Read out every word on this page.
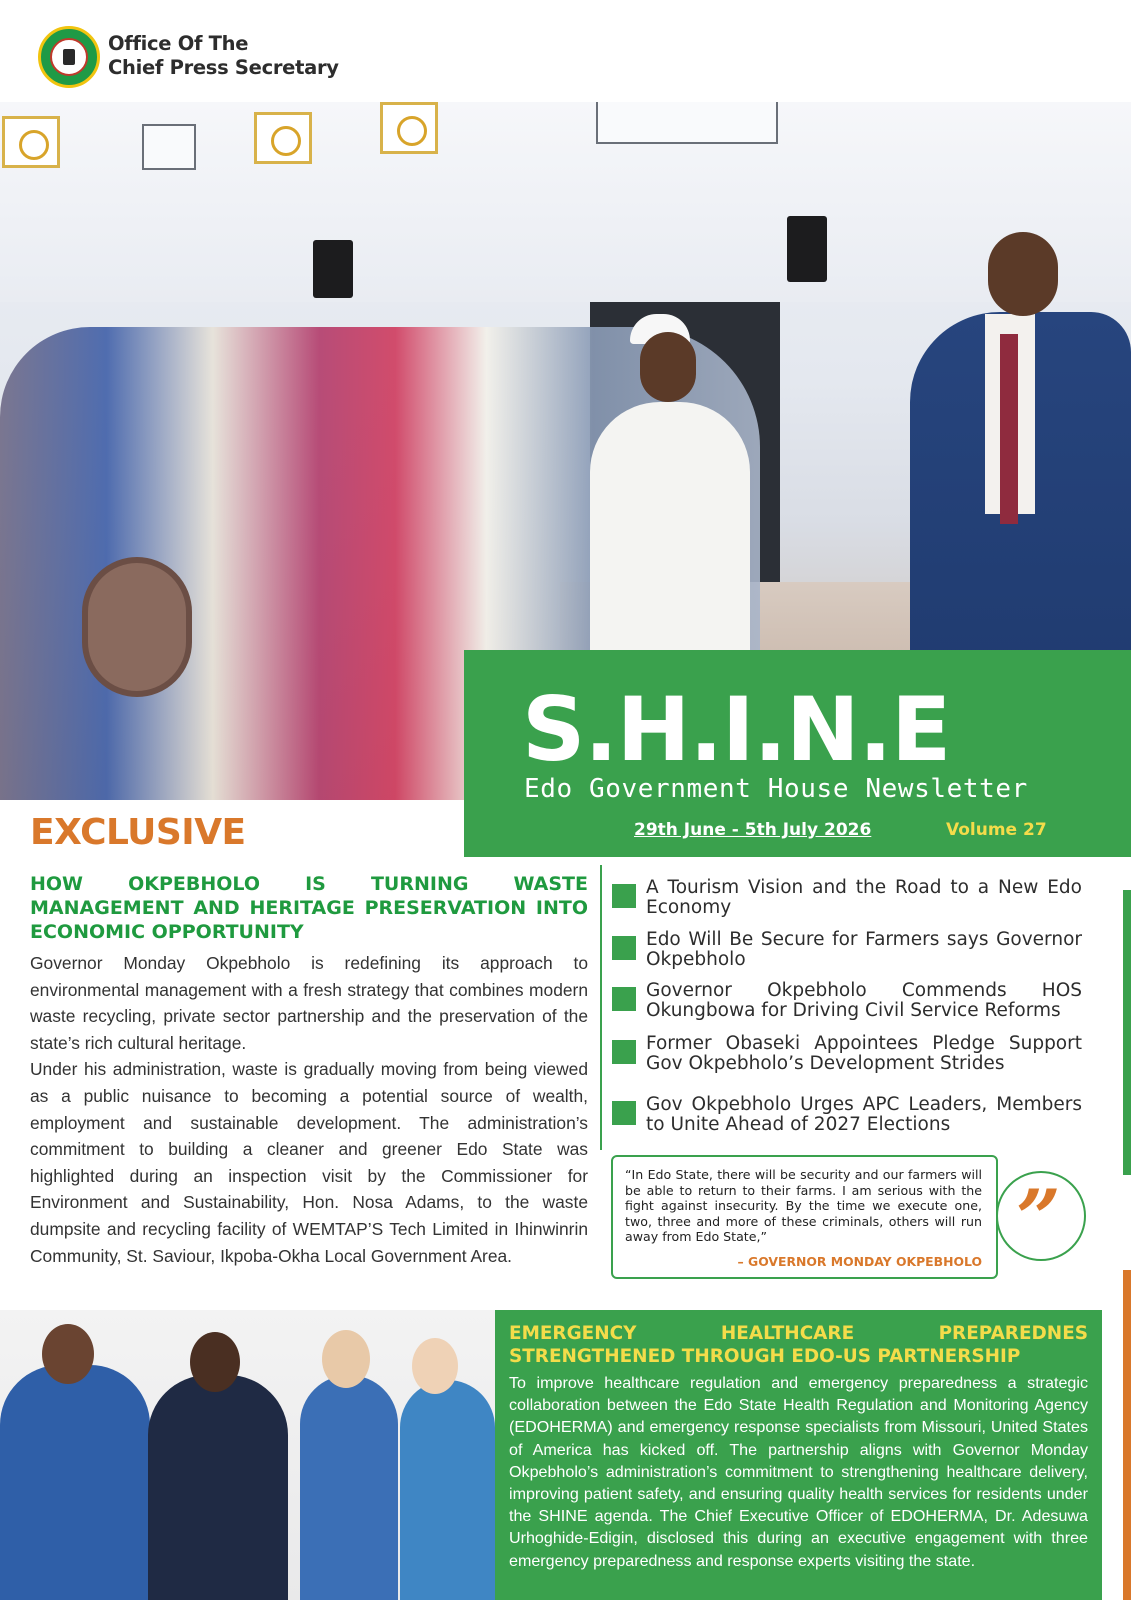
Office Of The
Chief Press Secretary
S.H.I.N.E
Edo Government House Newsletter
29th June - 5th July 2026	Volume 27
EXCLUSIVE
HOW OKPEBHOLO IS TURNING WASTE MANAGEMENT AND HERITAGE PRESERVATION INTO ECONOMIC OPPORTUNITY

Governor Monday Okpebholo is redefining its approach to environmental management with a fresh strategy that combines modern waste recycling, private sector partnership and the preservation of the state’s rich cultural heritage.

Under his administration, waste is gradually moving from being viewed as a public nuisance to becoming a potential source of wealth, employment and sustainable development. The administration’s commitment to building a cleaner and greener Edo State was highlighted during an inspection visit by the Commissioner for Environment and Sustainability, Hon. Nosa Adams, to the waste dumpsite and recycling facility of WEMTAP’S Tech Limited in Ihinwinrin Community, St. Saviour, Ikpoba-Okha Local Government Area.

A Tourism Vision and the Road to a New Edo Economy
Edo Will Be Secure for Farmers says Governor Okpebholo
Governor Okpebholo Commends HOS Okungbowa for Driving Civil Service Reforms
Former Obaseki Appointees Pledge Support Gov Okpebholo’s Development Strides
Gov Okpebholo Urges APC Leaders, Members to Unite Ahead of 2027 Elections
“In Edo State, there will be security and our farmers will be able to return to their farms. I am serious with the fight against insecurity. By the time we execute one, two, three and more of these criminals, others will run away from Edo State,”
– GOVERNOR MONDAY OKPEBHOLO ”
EMERGENCY HEALTHCARE PREPAREDNES STRENGTHENED THROUGH EDO-US PARTNERSHIP
To improve healthcare regulation and emergency preparedness a strategic collaboration between the Edo State Health Regulation and Monitoring Agency (EDOHERMA) and emergency response specialists from Missouri, United States of America has kicked off. The partnership aligns with Governor Monday Okpebholo’s administration’s commitment to strengthening healthcare delivery, improving patient safety, and ensuring quality health services for residents under the SHINE agenda. The Chief Executive Officer of EDOHERMA, Dr. Adesuwa Urhoghide-Edigin, disclosed this during an executive engagement with three emergency preparedness and response experts visiting the state.
